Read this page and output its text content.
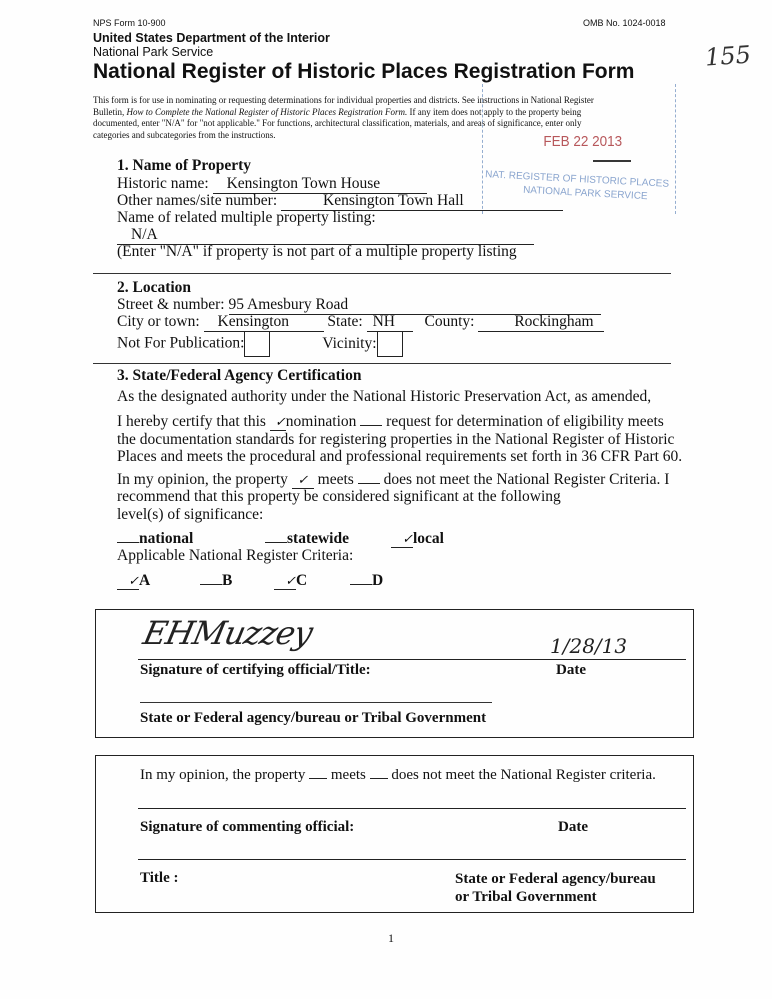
NPS Form 10-900	OMB No. 1024-0018
United States Department of the Interior
National Park Service
National Register of Historic Places Registration Form	155
This form is for use in nominating or requesting determinations for individual properties and districts. See instructions in National Register
Bulletin, How to Complete the National Register of Historic Places Registration Form. If any item does not apply to the property being
documented, enter "N/A" for "not applicable." For functions, architectural classification, materials, and areas of significance, enter only
categories and subcategories from the instructions.	FEB 22 2013
NAT. REGISTER OF HISTORIC PLACES
NATIONAL PARK SERVICE
1. Name of Property
Historic name: Kensington Town House
Other names/site number:	Kensington Town Hall
Name of related multiple property listing:
N/A
(Enter "N/A" if property is not part of a multiple property listing
2. Location
Street & number: 95 Amesbury Road
City or town: Kensington State: NH County:	Rockingham
Not For Publication:	Vicinity:
3. State/Federal Agency Certification
As the designated authority under the National Historic Preservation Act, as amended,
I hereby certify that this ✓nomination request for determination of eligibility meets
the documentation standards for registering properties in the National Register of Historic
Places and meets the procedural and professional requirements set forth in 36 CFR Part 60.
In my opinion, the property ✓ meets does not meet the National Register Criteria. I
recommend that this property be considered significant at the following
level(s) of significance:
national	statewide	✓local
Applicable National Register Criteria:
✓A	B	✓C	D
EHMuzzey	1/28/13
Signature of certifying official/Title:	Date
State or Federal agency/bureau or Tribal Government
In my opinion, the property meets does not meet the National Register criteria.
Signature of commenting official:	Date
Title :	State or Federal agency/bureau
or Tribal Government
1
